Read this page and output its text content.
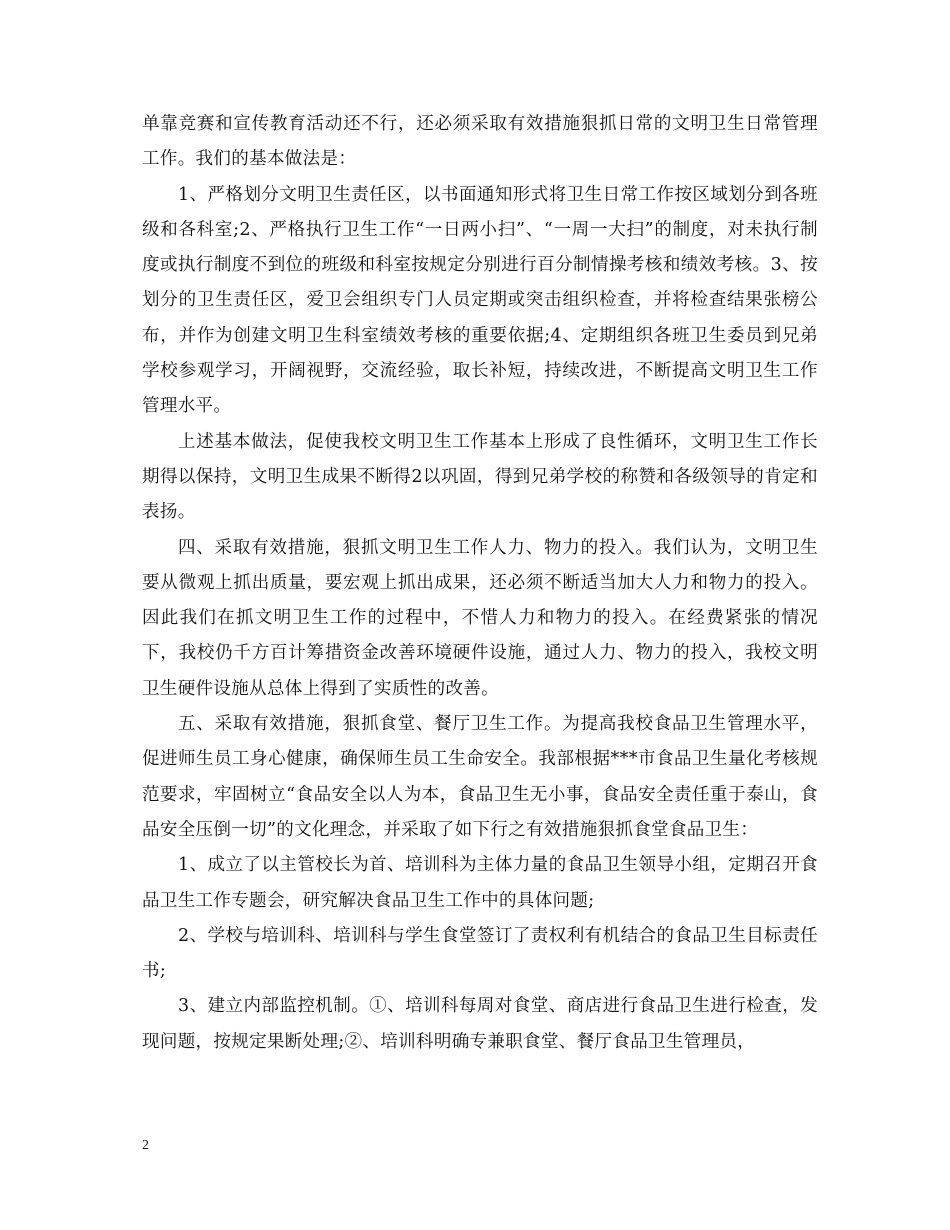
单靠竞赛和宣传教育活动还不行，还必须采取有效措施狠抓日常的文明卫生日常管理工作。我们的基本做法是：

1、严格划分文明卫生责任区，以书面通知形式将卫生日常工作按区域划分到各班级和各科室;2、严格执行卫生工作“一日两小扫”、“一周一大扫”的制度，对未执行制度或执行制度不到位的班级和科室按规定分别进行百分制情操考核和绩效考核。3、按划分的卫生责任区，爱卫会组织专门人员定期或突击组织检查，并将检查结果张榜公布，并作为创建文明卫生科室绩效考核的重要依据;4、定期组织各班卫生委员到兄弟学校参观学习，开阔视野，交流经验，取长补短，持续改进，不断提高文明卫生工作管理水平。

上述基本做法，促使我校文明卫生工作基本上形成了良性循环，文明卫生工作长期得以保持，文明卫生成果不断得2以巩固，得到兄弟学校的称赞和各级领导的肯定和表扬。

四、采取有效措施，狠抓文明卫生工作人力、物力的投入。我们认为，文明卫生要从微观上抓出质量，要宏观上抓出成果，还必须不断适当加大人力和物力的投入。因此我们在抓文明卫生工作的过程中，不惜人力和物力的投入。在经费紧张的情况下，我校仍千方百计筹措资金改善环境硬件设施，通过人力、物力的投入，我校文明卫生硬件设施从总体上得到了实质性的改善。

五、采取有效措施，狠抓食堂、餐厅卫生工作。为提高我校食品卫生管理水平，促进师生员工身心健康，确保师生员工生命安全。我部根据***市食品卫生量化考核规范要求，牢固树立“食品安全以人为本，食品卫生无小事，食品安全责任重于泰山，食品安全压倒一切”的文化理念，并采取了如下行之有效措施狠抓食堂食品卫生：

1、成立了以主管校长为首、培训科为主体力量的食品卫生领导小组，定期召开食品卫生工作专题会，研究解决食品卫生工作中的具体问题;

2、学校与培训科、培训科与学生食堂签订了责权利有机结合的食品卫生目标责任书;

3、建立内部监控机制。①、培训科每周对食堂、商店进行食品卫生进行检查，发现问题，按规定果断处理;②、培训科明确专兼职食堂、餐厅食品卫生管理员，

2
